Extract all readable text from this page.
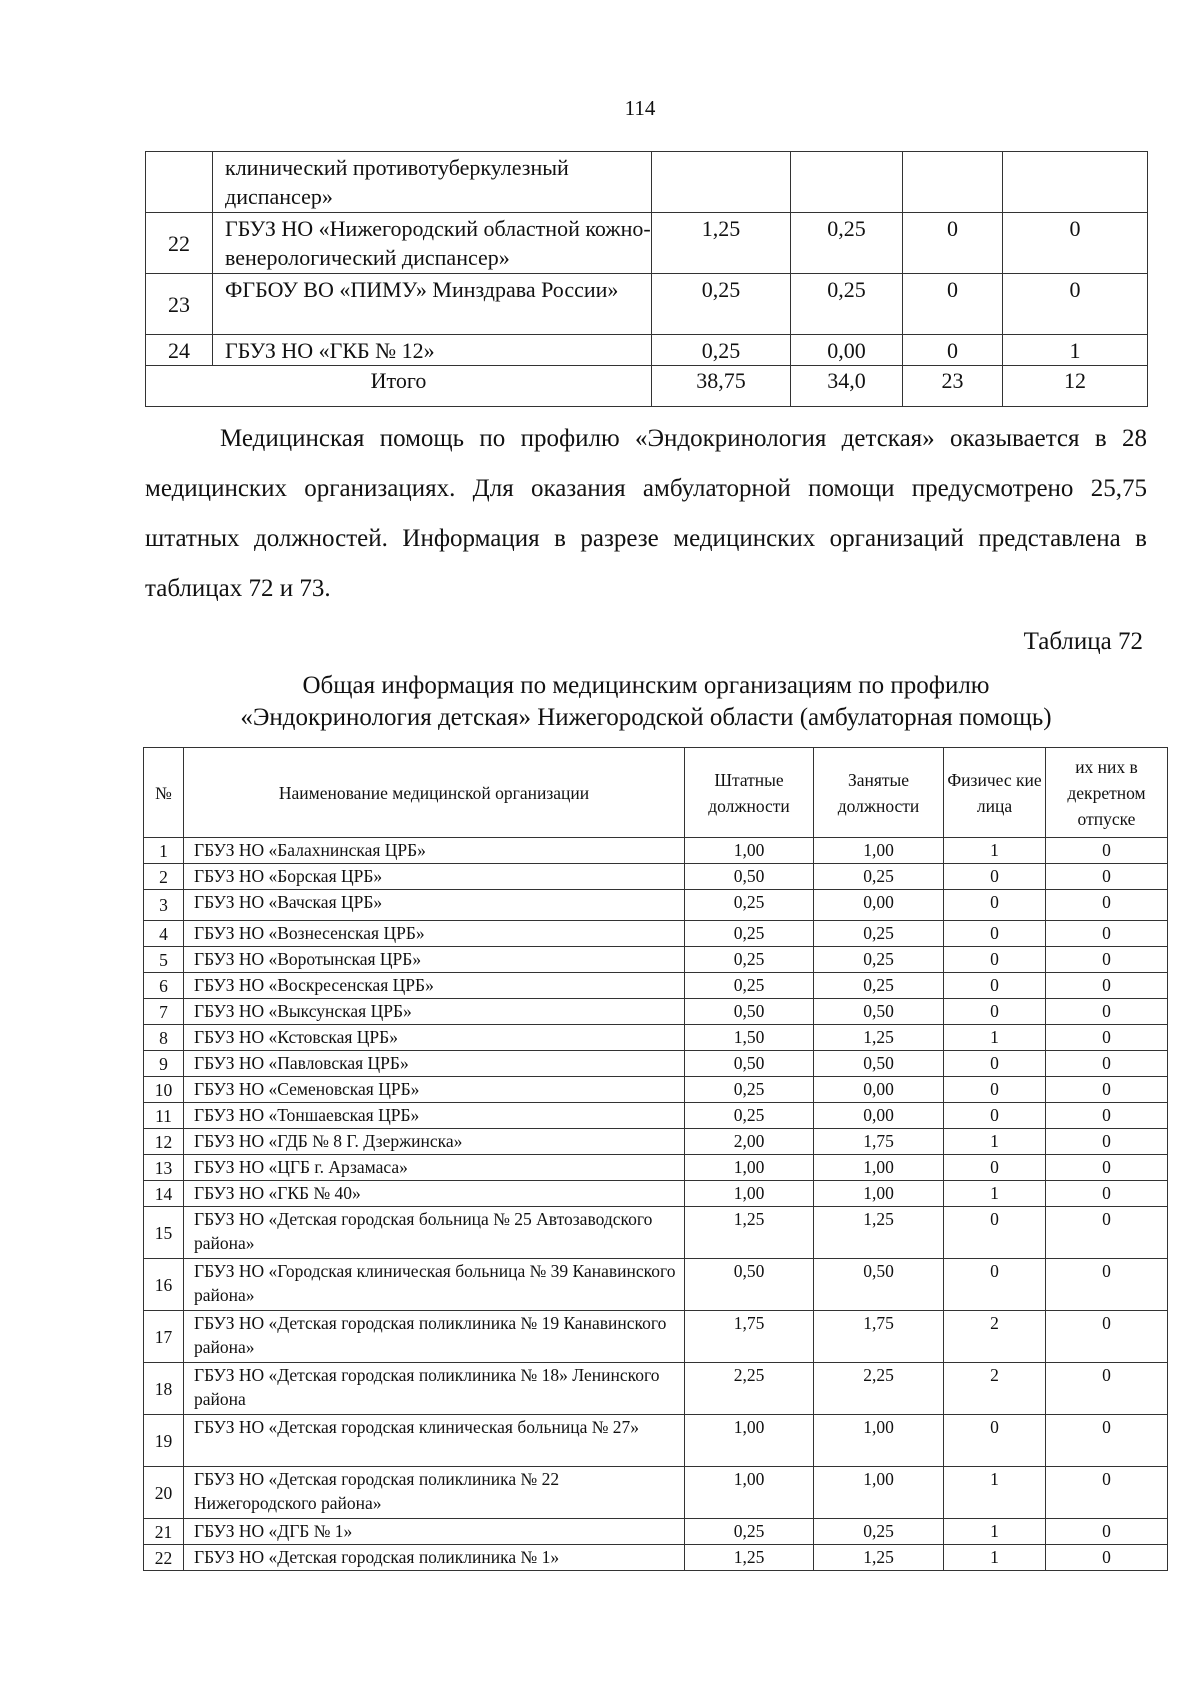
114
	клинический противотуберкулезный диспансер»				
22	ГБУЗ НО «Нижегородский областной кожно-венерологический диспансер»	1,25	0,25	0	0
23	ФГБОУ ВО «ПИМУ» Минздрава России»	0,25	0,25	0	0
24	ГБУЗ НО «ГКБ № 12»	0,25	0,00	0	1
Итого		38,75	34,0	23	12

Медицинская помощь по профилю «Эндокринология детская» оказывается в 28 медицинских организациях. Для оказания амбулаторной помощи предусмотрено 25,75 штатных должностей. Информация в разрезе медицинских организаций представлена в таблицах 72 и 73.

Таблица 72
Общая информация по медицинским организациям по профилю
«Эндокринология детская» Нижегородской области (амбулаторная помощь)
№	Наименование медицинской организации	Штатные должности	Занятые должности	Физичес кие лица	их них в декретном отпуске
1	ГБУЗ НО «Балахнинская ЦРБ»	1,00	1,00	1	0
2	ГБУЗ НО «Борская ЦРБ»	0,50	0,25	0	0
3	ГБУЗ НО «Вачская ЦРБ»	0,25	0,00	0	0
4	ГБУЗ НО «Вознесенская ЦРБ»	0,25	0,25	0	0
5	ГБУЗ НО «Воротынская ЦРБ»	0,25	0,25	0	0
6	ГБУЗ НО «Воскресенская ЦРБ»	0,25	0,25	0	0
7	ГБУЗ НО «Выксунская ЦРБ»	0,50	0,50	0	0
8	ГБУЗ НО «Кстовская ЦРБ»	1,50	1,25	1	0
9	ГБУЗ НО «Павловская ЦРБ»	0,50	0,50	0	0
10	ГБУЗ НО «Семеновская ЦРБ»	0,25	0,00	0	0
11	ГБУЗ НО «Тоншаевская ЦРБ»	0,25	0,00	0	0
12	ГБУЗ НО «ГДБ № 8 Г. Дзержинска»	2,00	1,75	1	0
13	ГБУЗ НО «ЦГБ г. Арзамаса»	1,00	1,00	0	0
14	ГБУЗ НО «ГКБ № 40»	1,00	1,00	1	0
15	ГБУЗ НО «Детская городская больница № 25 Автозаводского района»	1,25	1,25	0	0
16	ГБУЗ НО «Городская клиническая больница № 39 Канавинского района»	0,50	0,50	0	0
17	ГБУЗ НО «Детская городская поликлиника № 19 Канавинского района»	1,75	1,75	2	0
18	ГБУЗ НО «Детская городская поликлиника № 18» Ленинского района	2,25	2,25	2	0
19	ГБУЗ НО «Детская городская клиническая больница № 27»	1,00	1,00	0	0
20	ГБУЗ НО «Детская городская поликлиника № 22 Нижегородского района»	1,00	1,00	1	0
21	ГБУЗ НО «ДГБ № 1»	0,25	0,25	1	0
22	ГБУЗ НО «Детская городская поликлиника № 1»	1,25	1,25	1	0
